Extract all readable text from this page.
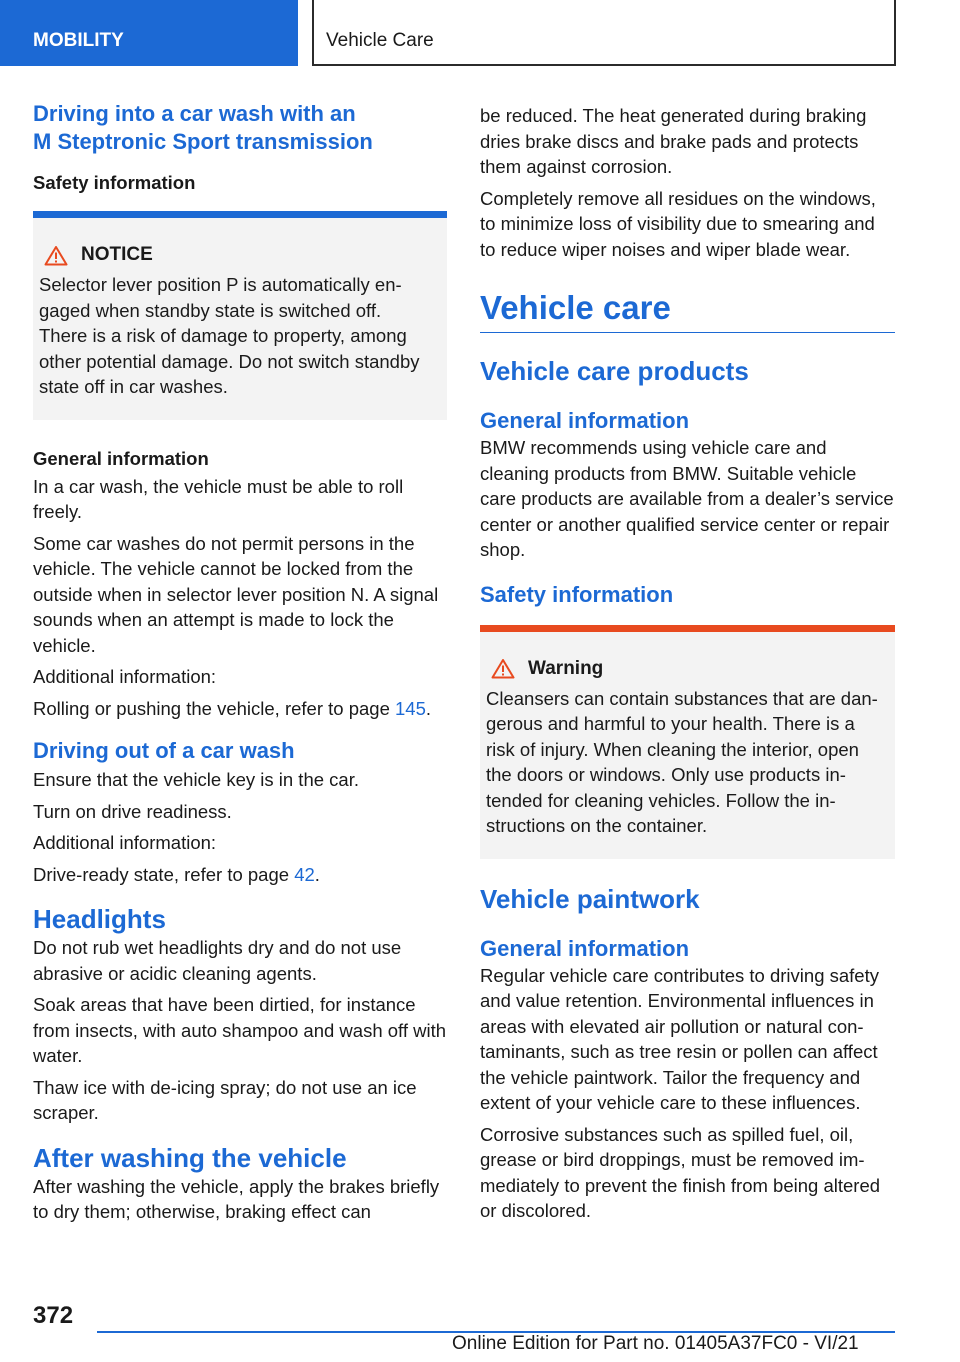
MOBILITY	Vehicle Care
Driving into a car wash with an
M Steptronic Sport transmission
Safety information
NOTICE

Selector lever position P is automatically engaged when standby state is switched off. There is a risk of damage to property, among other potential damage. Do not switch standby state off in car washes.

General information

In a car wash, the vehicle must be able to roll freely.

Some car washes do not permit persons in the vehicle. The vehicle cannot be locked from the outside when in selector lever position N. A signal sounds when an attempt is made to lock the vehicle.

Additional information:

Rolling or pushing the vehicle, refer to page 145.

Driving out of a car wash

Ensure that the vehicle key is in the car.

Turn on drive readiness.

Additional information:

Drive-ready state, refer to page 42.

Headlights

Do not rub wet headlights dry and do not use abrasive or acidic cleaning agents.

Soak areas that have been dirtied, for instance from insects, with auto shampoo and wash off with water.

Thaw ice with de-icing spray; do not use an ice scraper.

After washing the vehicle

After washing the vehicle, apply the brakes briefly to dry them; otherwise, braking effect can

be reduced. The heat generated during braking dries brake discs and brake pads and protects them against corrosion.

Completely remove all residues on the windows, to minimize loss of visibility due to smearing and to reduce wiper noises and wiper blade wear.

Vehicle care
Vehicle care products
General information

BMW recommends using vehicle care and cleaning products from BMW. Suitable vehicle care products are available from a dealer’s service center or another qualified service center or repair shop.

Safety information
Warning

Cleansers can contain substances that are dangerous and harmful to your health. There is a risk of injury. When cleaning the interior, open the doors or windows. Only use products intended for cleaning vehicles. Follow the instructions on the container.

Vehicle paintwork
General information

Regular vehicle care contributes to driving safety and value retention. Environmental influences in areas with elevated air pollution or natural contaminants, such as tree resin or pollen can affect the vehicle paintwork. Tailor the frequency and extent of your vehicle care to these influences.

Corrosive substances such as spilled fuel, oil, grease or bird droppings, must be removed immediately to prevent the finish from being altered or discolored.

372
Online Edition for Part no. 01405A37FC0 - VI/21
